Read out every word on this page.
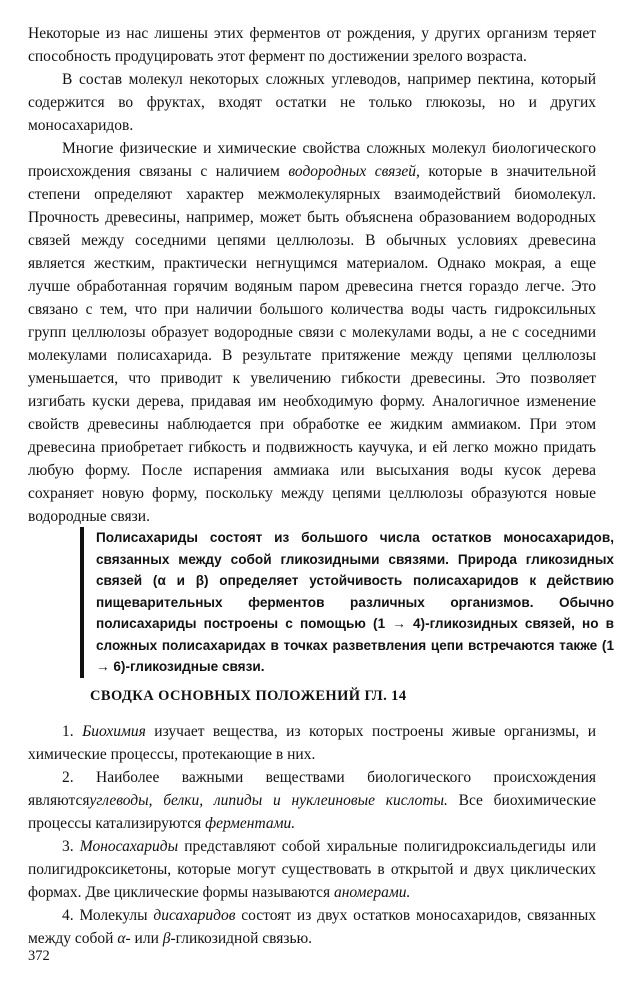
Некоторые из нас лишены этих ферментов от рождения, у других организм теряет способность продуцировать этот фермент по достижении зрелого возраста.

В состав молекул некоторых сложных углеводов, например пектина, который содержится во фруктах, входят остатки не только глюкозы, но и других моносахаридов.

Многие физические и химические свойства сложных молекул биологического происхождения связаны с наличием водородных связей, которые в значительной степени определяют характер межмолекулярных взаимодействий биомолекул. Прочность древесины, например, может быть объяснена образованием водородных связей между соседними цепями целлюлозы. В обычных условиях древесина является жестким, практически негнущимся материалом. Однако мокрая, а еще лучше обработанная горячим водяным паром древесина гнется гораздо легче. Это связано с тем, что при наличии большого количества воды часть гидроксильных групп целлюлозы образует водородные связи с молекулами воды, а не с соседними молекулами полисахарида. В результате притяжение между цепями целлюлозы уменьшается, что приводит к увеличению гибкости древесины. Это позволяет изгибать куски дерева, придавая им необходимую форму. Аналогичное изменение свойств древесины наблюдается при обработке ее жидким аммиаком. При этом древесина приобретает гибкость и подвижность каучука, и ей легко можно придать любую форму. После испарения аммиака или высыхания воды кусок дерева сохраняет новую форму, поскольку между цепями целлюлозы образуются новые водородные связи.

Полисахариды состоят из большого числа остатков моносахаридов, связанных между собой гликозидными связями. Природа гликозидных связей (α и β) определяет устойчивость полисахаридов к действию пищеварительных ферментов различных организмов. Обычно полисахариды построены с помощью (1 → 4)-гликозидных связей, но в сложных полисахаридах в точках разветвления цепи встречаются также (1 → 6)-гликозидные связи.
СВОДКА ОСНОВНЫХ ПОЛОЖЕНИЙ ГЛ. 14

1. Биохимия изучает вещества, из которых построены живые организмы, и химические процессы, протекающие в них.

2. Наиболее важными веществами биологического происхождения являютсяуглеводы, белки, липиды и нуклеиновые кислоты. Все биохимические процессы катализируются ферментами.

3. Моносахариды представляют собой хиральные полигидроксиальдегиды или полигидроксикетоны, которые могут существовать в открытой и двух циклических формах. Две циклические формы называются аномерами.

4. Молекулы дисахаридов состоят из двух остатков моносахаридов, связанных между собой α- или β-гликозидной связью.

372
